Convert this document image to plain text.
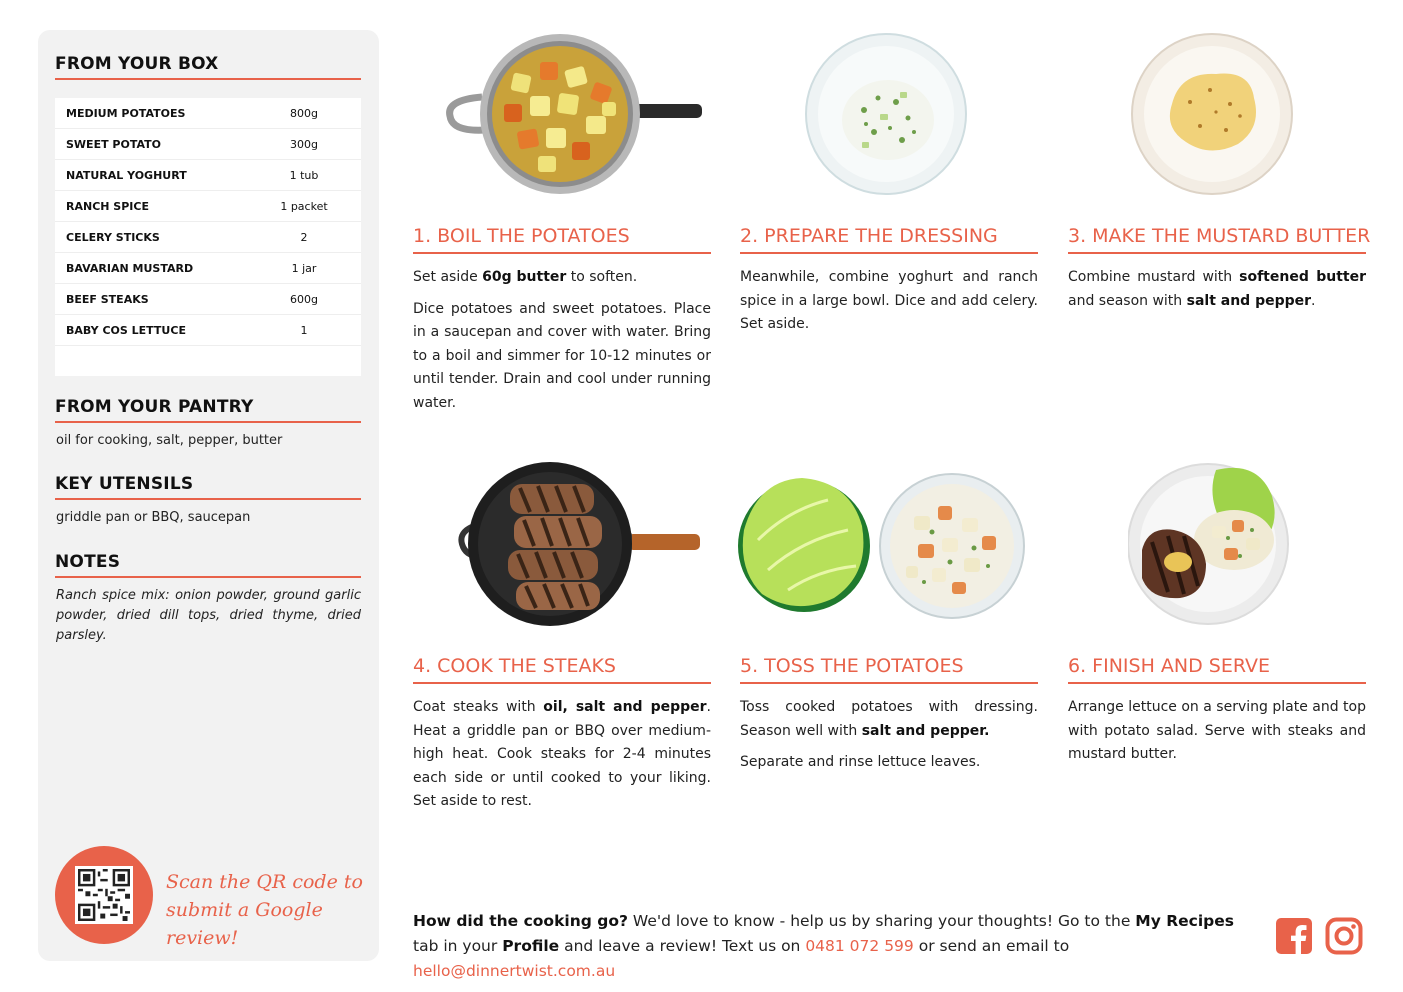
FROM YOUR BOX
MEDIUM POTATOES	800g
SWEET POTATO	300g
NATURAL YOGHURT	1 tub
RANCH SPICE	1 packet
CELERY STICKS	2
BAVARIAN MUSTARD	1 jar
BEEF STEAKS	600g
BABY COS LETTUCE	1
FROM YOUR PANTRY
oil for cooking, salt, pepper, butter
KEY UTENSILS
griddle pan or BBQ, saucepan
NOTES
Ranch spice mix: onion powder, ground garlic powder, dried dill tops, dried thyme, dried parsley.
Scan the QR code to
submit a Google review!
1. BOIL THE POTATOES

Set aside 60g butter to soften.

Dice potatoes and sweet potatoes. Place in a saucepan and cover with water. Bring to a boil and simmer for 10-12 minutes or until tender. Drain and cool under running water.

2. PREPARE THE DRESSING

Meanwhile, combine yoghurt and ranch spice in a large bowl. Dice and add celery. Set aside.

3. MAKE THE MUSTARD BUTTER

Combine mustard with softened butter and season with salt and pepper.

4. COOK THE STEAKS

Coat steaks with oil, salt and pepper. Heat a griddle pan or BBQ over medium-high heat. Cook steaks for 2-4 minutes each side or until cooked to your liking. Set aside to rest.

5. TOSS THE POTATOES

Toss cooked potatoes with dressing. Season well with salt and pepper.

Separate and rinse lettuce leaves.

6. FINISH AND SERVE

Arrange lettuce on a serving plate and top with potato salad. Serve with steaks and mustard butter.

How did the cooking go? We'd love to know - help us by sharing your thoughts! Go to the My Recipes tab in your Profile and leave a review! Text us on 0481 072 599 or send an email to hello@dinnertwist.com.au
